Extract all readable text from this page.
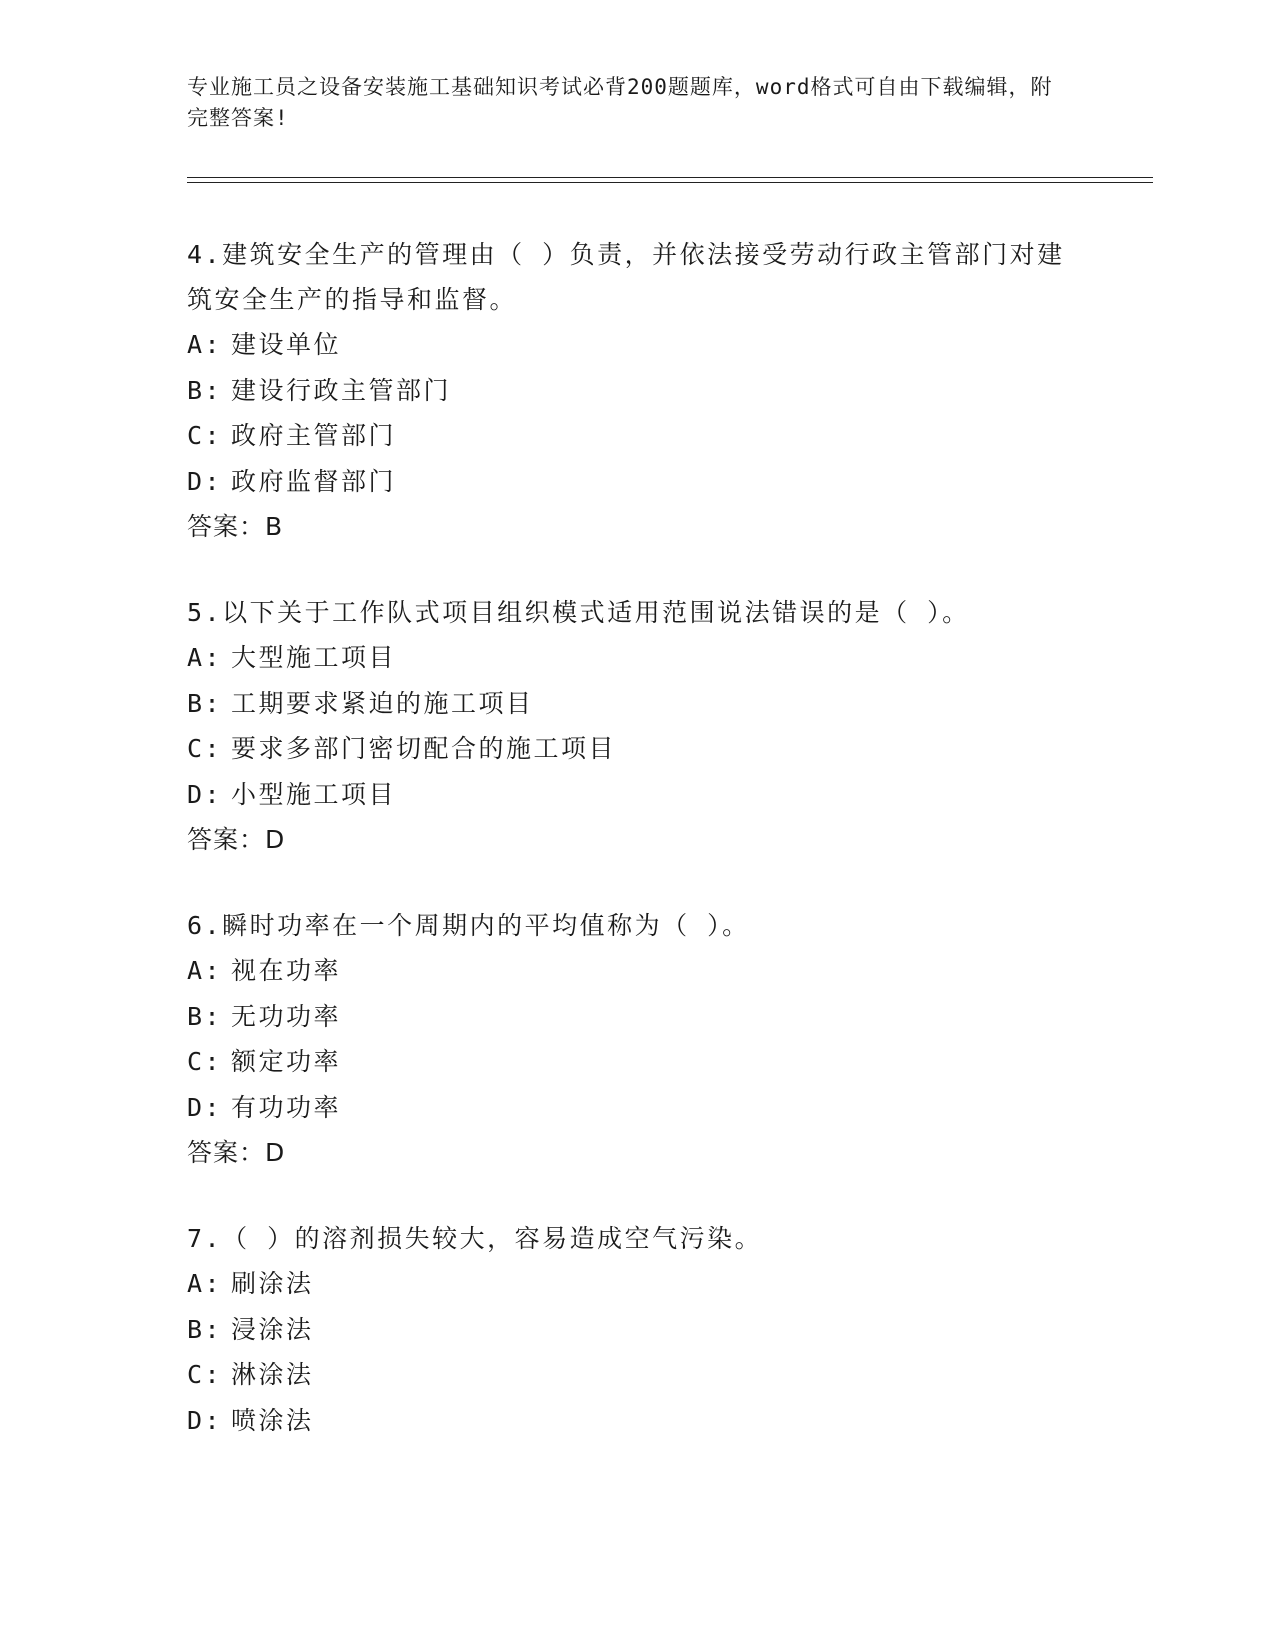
专业施工员之设备安装施工基础知识考试必背200题题库，word格式可自由下载编辑，附完整答案!
4.建筑安全生产的管理由（ ）负责，并依法接受劳动行政主管部门对建筑安全生产的指导和监督。
A: 建设单位
B: 建设行政主管部门
C: 政府主管部门
D: 政府监督部门
答案：B
5.以下关于工作队式项目组织模式适用范围说法错误的是（ ）。
A: 大型施工项目
B: 工期要求紧迫的施工项目
C: 要求多部门密切配合的施工项目
D: 小型施工项目
答案：D
6.瞬时功率在一个周期内的平均值称为（ ）。
A: 视在功率
B: 无功功率
C: 额定功率
D: 有功功率
答案：D
7.（ ）的溶剂损失较大，容易造成空气污染。
A: 刷涂法
B: 浸涂法
C: 淋涂法
D: 喷涂法
